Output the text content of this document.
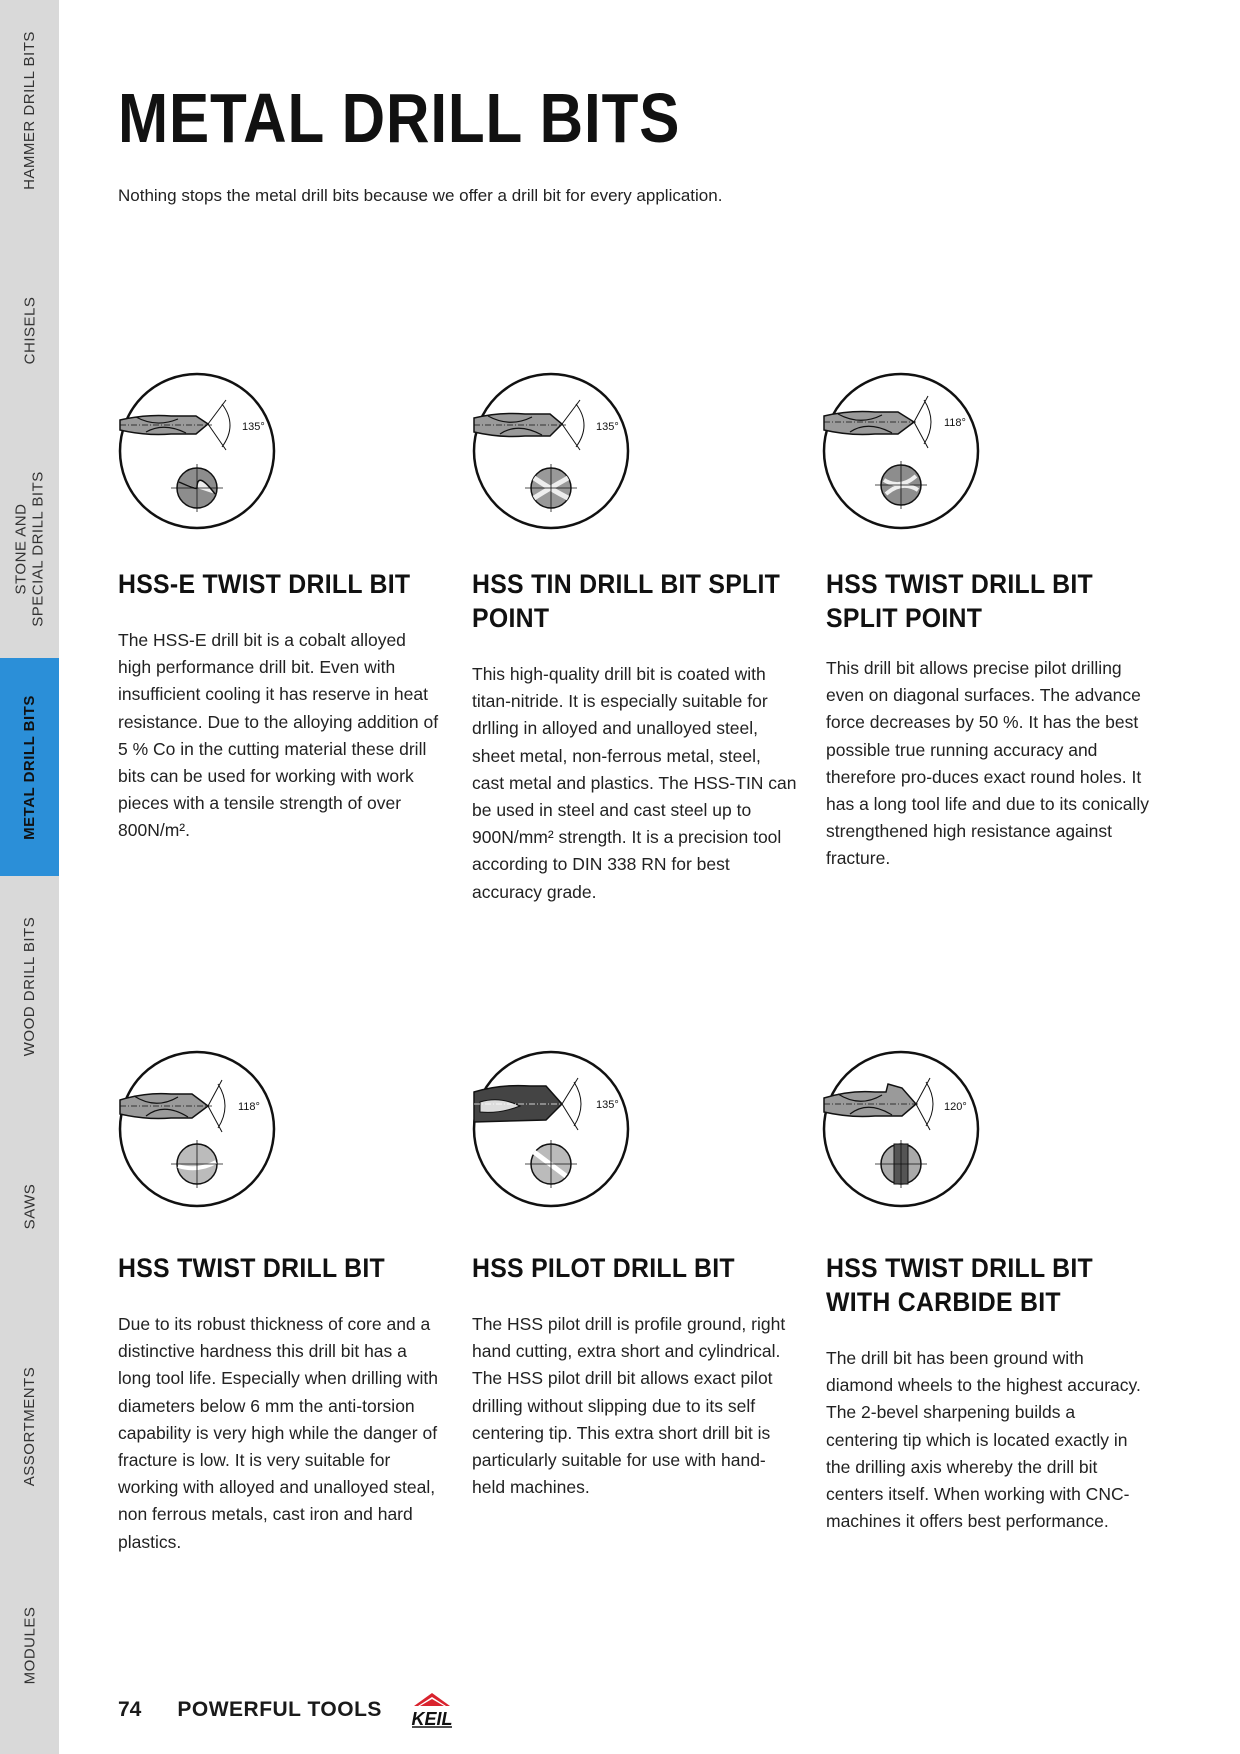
HAMMER DRILL BITS
CHISELS
STONE AND
SPECIAL DRILL BITS
METAL DRILL BITS
WOOD DRILL BITS
SAWS
ASSORTMENTS
MODULES
METAL DRILL BITS
Nothing stops the metal drill bits because we offer a drill bit for every application.
135°	135°	118°
118°	135°	120°
HSS-E TWIST DRILL BIT

The HSS-E drill bit is a cobalt alloyed high performance drill bit. Even with insufficient cooling it has reserve in heat resistance. Due to the alloying addition of 5 % Co in the cutting material these drill bits can be used for working with work pieces with a tensile strength of over 800N/m².

HSS TIN DRILL BIT SPLIT POINT

This high-quality drill bit is coated with titan-nitride. It is especially suitable for drlling in alloyed and unalloyed steel, sheet metal, non-ferrous metal, steel, cast metal and plastics. The HSS-TIN can be used in steel and cast steel up to 900N/mm² strength. It is a precision tool according to DIN 338 RN for best accuracy grade.

HSS TWIST DRILL BIT SPLIT POINT

This drill bit allows precise pilot drilling even on diagonal surfaces. The advance force decreases by 50 %. It has the best possible true running accuracy and therefore pro-duces exact round holes. It has a long tool life and due to its conically strengthened high resistance against fracture.

HSS TWIST DRILL BIT

Due to its robust thickness of core and a distinctive hardness this drill bit has a long tool life. Especially when drilling with diameters below 6 mm the anti-torsion capability is very high while the danger of fracture is low. It is very suitable for working with alloyed and unalloyed steal, non ferrous metals, cast iron and hard plastics.

HSS PILOT DRILL BIT

The HSS pilot drill is profile ground, right hand cutting, extra short and cylindrical. The HSS pilot drill bit allows exact pilot drilling without slipping due to its self centering tip. This extra short drill bit is particularly suitable for use with hand-held machines.

HSS TWIST DRILL BIT WITH CARBIDE BIT

The drill bit has been ground with diamond wheels to the highest accuracy. The 2-bevel sharpening builds a centering tip which is located exactly in the drilling axis whereby the drill bit centers itself. When working with CNC-machines it offers best performance.

74 POWERFUL TOOLS KEIL
